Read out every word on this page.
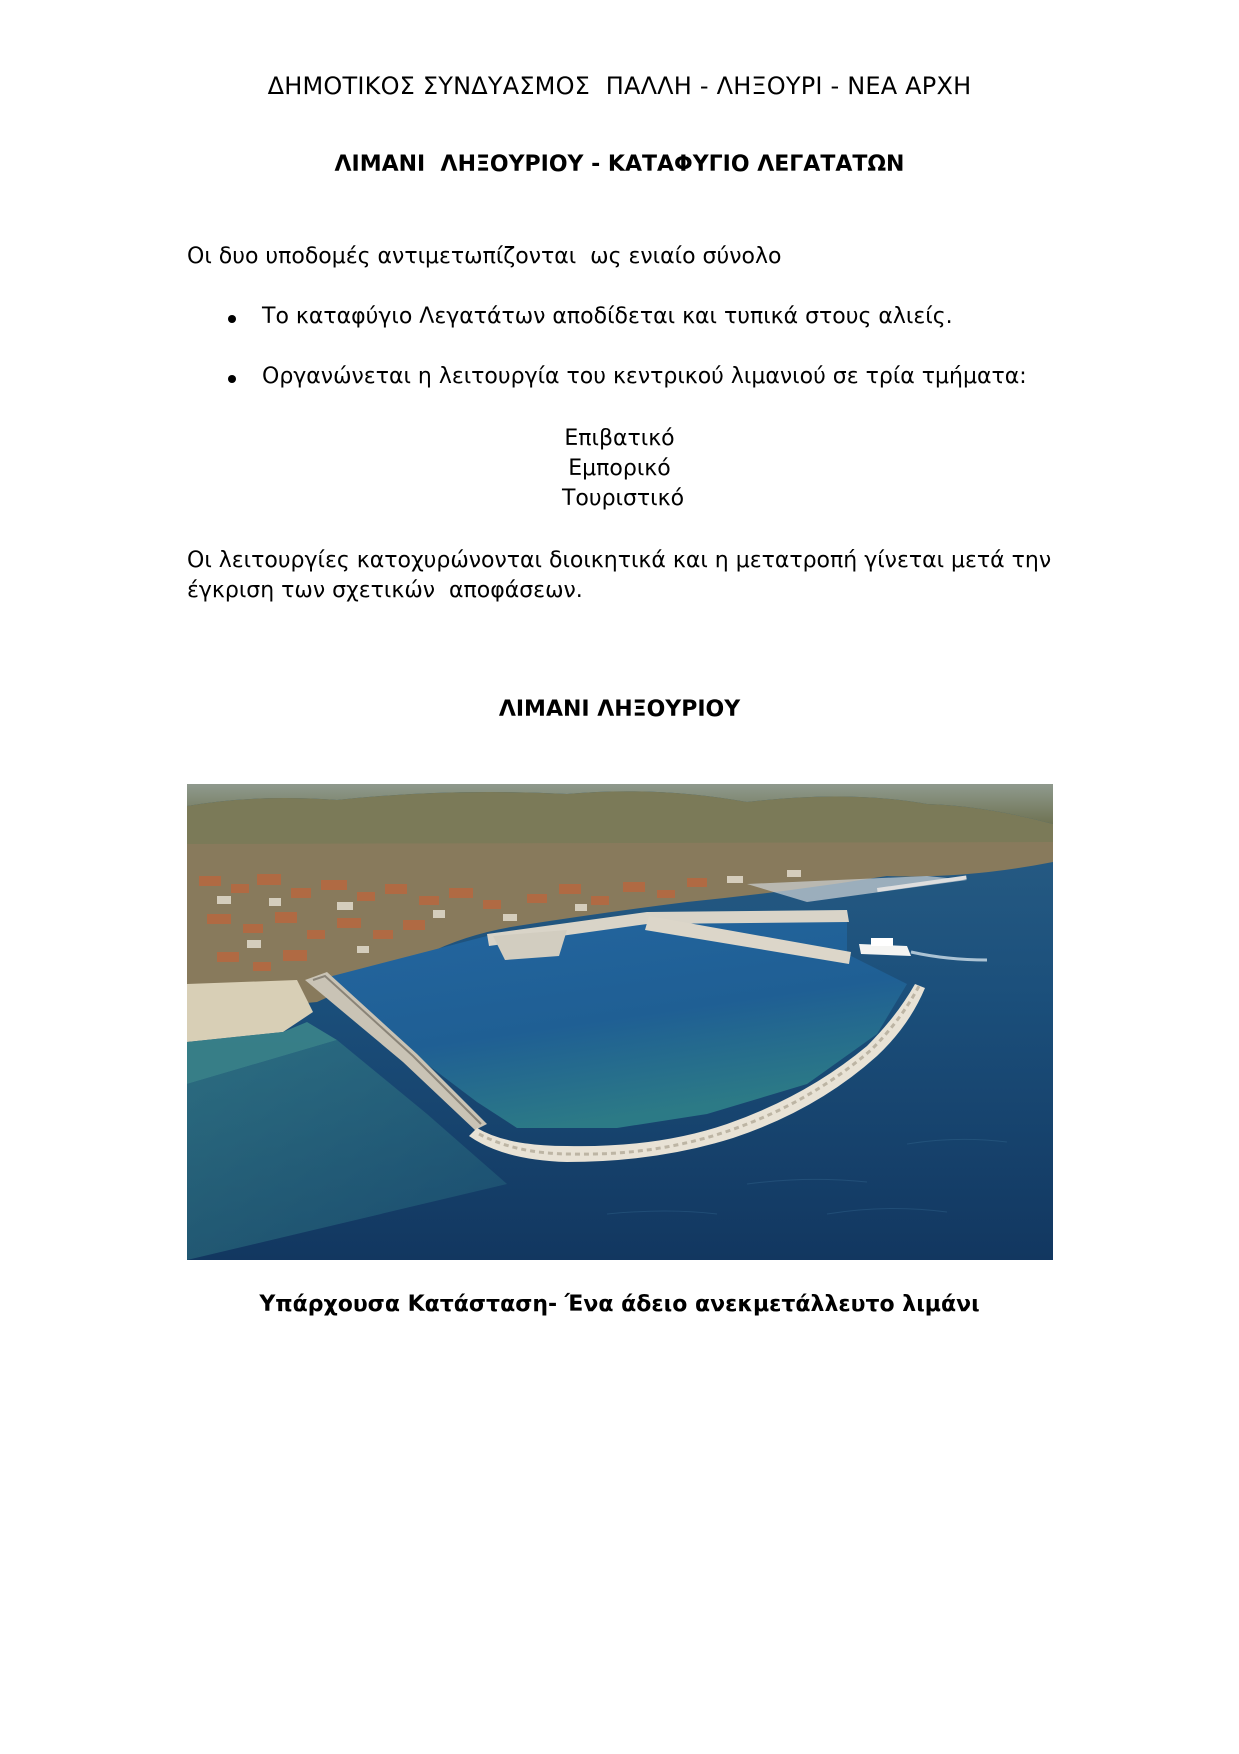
ΔΗΜΟΤΙΚΟΣ ΣΥΝΔΥΑΣΜΟΣ  ΠΑΛΛΗ - ΛΗΞΟΥΡΙ - ΝΕΑ ΑΡΧΗ
ΛΙΜΑΝΙ  ΛΗΞΟΥΡΙΟΥ - ΚΑΤΑΦΥΓΙΟ ΛΕΓΑΤΑΤΩΝ
Οι δυο υποδομές αντιμετωπίζονται  ως ενιαίο σύνολο

Το καταφύγιο Λεγατάτων αποδίδεται και τυπικά στους αλιείς.

Οργανώνεται η λειτουργία του κεντρικού λιμανιού σε τρία τμήματα:

Επιβατικό
Εμπορικό
Τουριστικό
Οι λειτουργίες κατοχυρώνονται διοικητικά και η μετατροπή γίνεται μετά την
έγκριση των σχετικών  αποφάσεων.
ΛΙΜΑΝΙ ΛΗΞΟΥΡΙΟΥ
Υπάρχουσα Κατάσταση- Ένα άδειο ανεκμετάλλευτο λιμάνι
